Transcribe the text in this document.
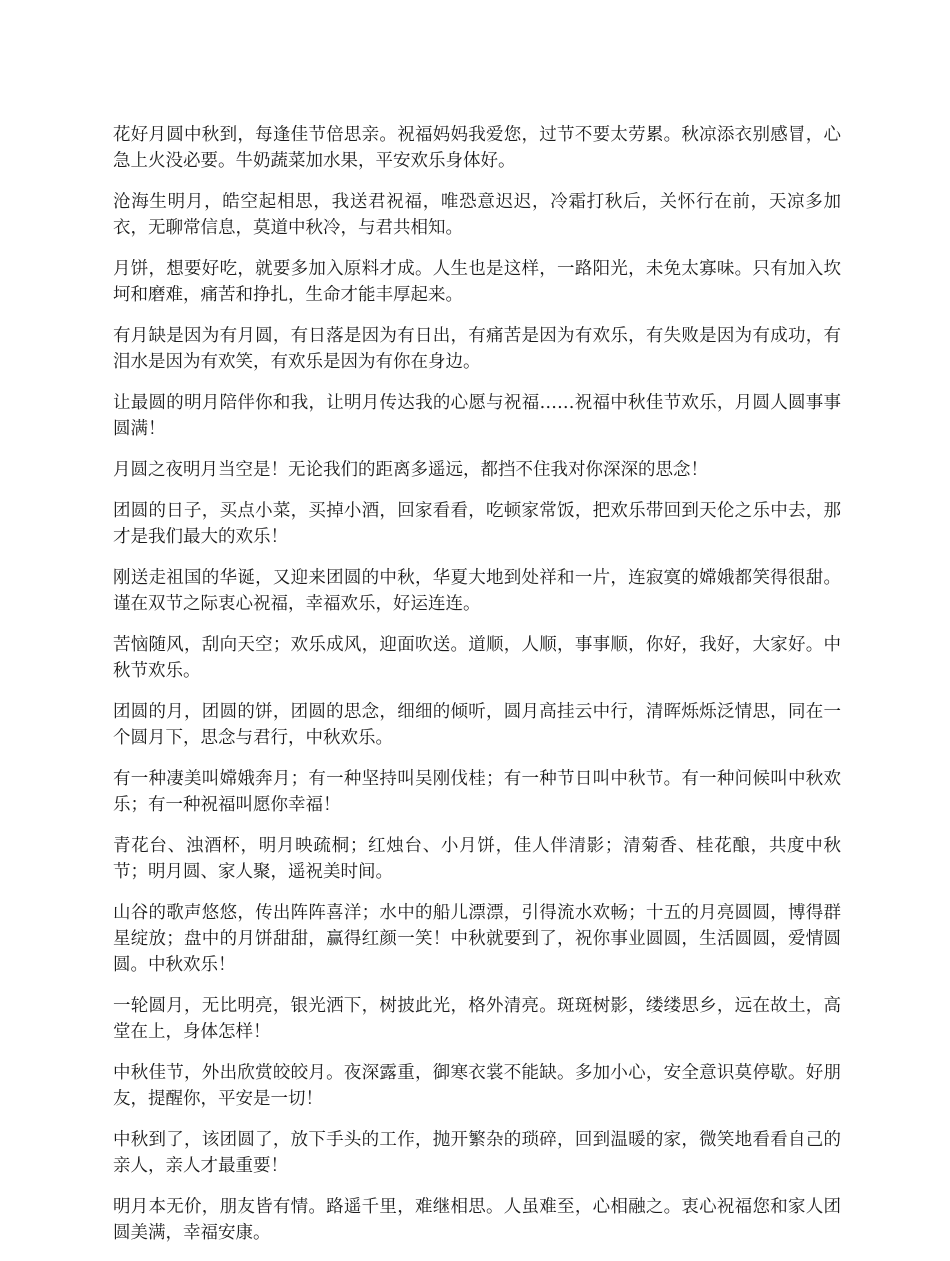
花好月圆中秋到，每逢佳节倍思亲。祝福妈妈我爱您，过节不要太劳累。秋凉添衣别感冒，心急上火没必要。牛奶蔬菜加水果，平安欢乐身体好。

沧海生明月，皓空起相思，我送君祝福，唯恐意迟迟，冷霜打秋后，关怀行在前，天凉多加衣，无聊常信息，莫道中秋冷，与君共相知。

月饼，想要好吃，就要多加入原料才成。人生也是这样，一路阳光，未免太寡味。只有加入坎坷和磨难，痛苦和挣扎，生命才能丰厚起来。

有月缺是因为有月圆，有日落是因为有日出，有痛苦是因为有欢乐，有失败是因为有成功，有泪水是因为有欢笑，有欢乐是因为有你在身边。

让最圆的明月陪伴你和我，让明月传达我的心愿与祝福……祝福中秋佳节欢乐，月圆人圆事事圆满！

月圆之夜明月当空是！无论我们的距离多遥远，都挡不住我对你深深的思念！

团圆的日子，买点小菜，买掉小酒，回家看看，吃顿家常饭，把欢乐带回到天伦之乐中去，那才是我们最大的欢乐！

刚送走祖国的华诞，又迎来团圆的中秋，华夏大地到处祥和一片，连寂寞的嫦娥都笑得很甜。谨在双节之际衷心祝福，幸福欢乐，好运连连。

苦恼随风，刮向天空；欢乐成风，迎面吹送。道顺，人顺，事事顺，你好，我好，大家好。中秋节欢乐。

团圆的月，团圆的饼，团圆的思念，细细的倾听，圆月高挂云中行，清晖烁烁泛情思，同在一个圆月下，思念与君行，中秋欢乐。

有一种凄美叫嫦娥奔月；有一种坚持叫吴刚伐桂；有一种节日叫中秋节。有一种问候叫中秋欢乐；有一种祝福叫愿你幸福！

青花台、浊酒杯，明月映疏桐；红烛台、小月饼，佳人伴清影；清菊香、桂花酿，共度中秋节；明月圆、家人聚，遥祝美时间。

山谷的歌声悠悠，传出阵阵喜洋；水中的船儿漂漂，引得流水欢畅；十五的月亮圆圆，博得群星绽放；盘中的月饼甜甜，赢得红颜一笑！中秋就要到了，祝你事业圆圆，生活圆圆，爱情圆圆。中秋欢乐！

一轮圆月，无比明亮，银光洒下，树披此光，格外清亮。斑斑树影，缕缕思乡，远在故土，高堂在上，身体怎样！

中秋佳节，外出欣赏皎皎月。夜深露重，御寒衣裳不能缺。多加小心，安全意识莫停歇。好朋友，提醒你，平安是一切！

中秋到了，该团圆了，放下手头的工作，抛开繁杂的琐碎，回到温暖的家，微笑地看看自己的亲人，亲人才最重要！

明月本无价，朋友皆有情。路遥千里，难继相思。人虽难至，心相融之。衷心祝福您和家人团圆美满，幸福安康。
